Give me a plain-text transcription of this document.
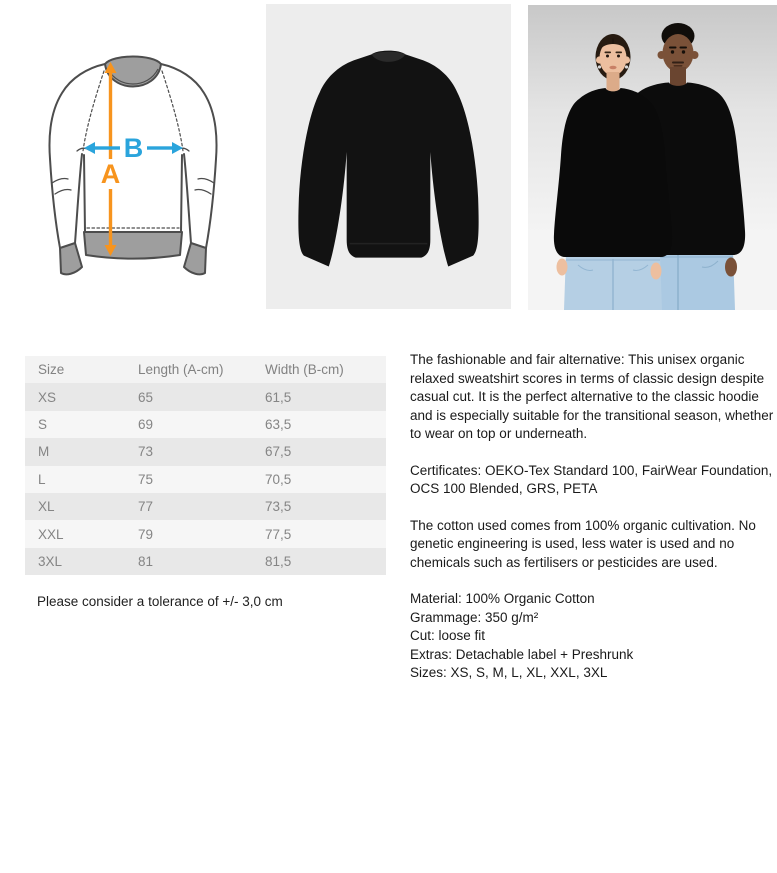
A
B
Size	Length (A-cm)	Width (B-cm)
XS	65	61,5
S	69	63,5
M	73	67,5
L	75	70,5
XL	77	73,5
XXL	79	77,5
3XL	81	81,5

Please consider a tolerance of +/- 3,0 cm

The fashionable and fair alternative: This unisex organic relaxed sweatshirt scores in terms of classic design despite casual cut. It is the perfect alternative to the classic hoodie and is especially suitable for the transitional season, whether to wear on top or underneath.

Certificates: OEKO-Tex Standard 100, FairWear Foundation, OCS 100 Blended, GRS, PETA

The cotton used comes from 100% organic cultivation. No genetic engineering is used, less water is used and no chemicals such as fertilisers or pesticides are used.

Material: 100% Organic Cotton
Grammage: 350 g/m²
Cut: loose fit
Extras: Detachable label + Preshrunk
Sizes: XS, S, M, L, XL, XXL, 3XL
